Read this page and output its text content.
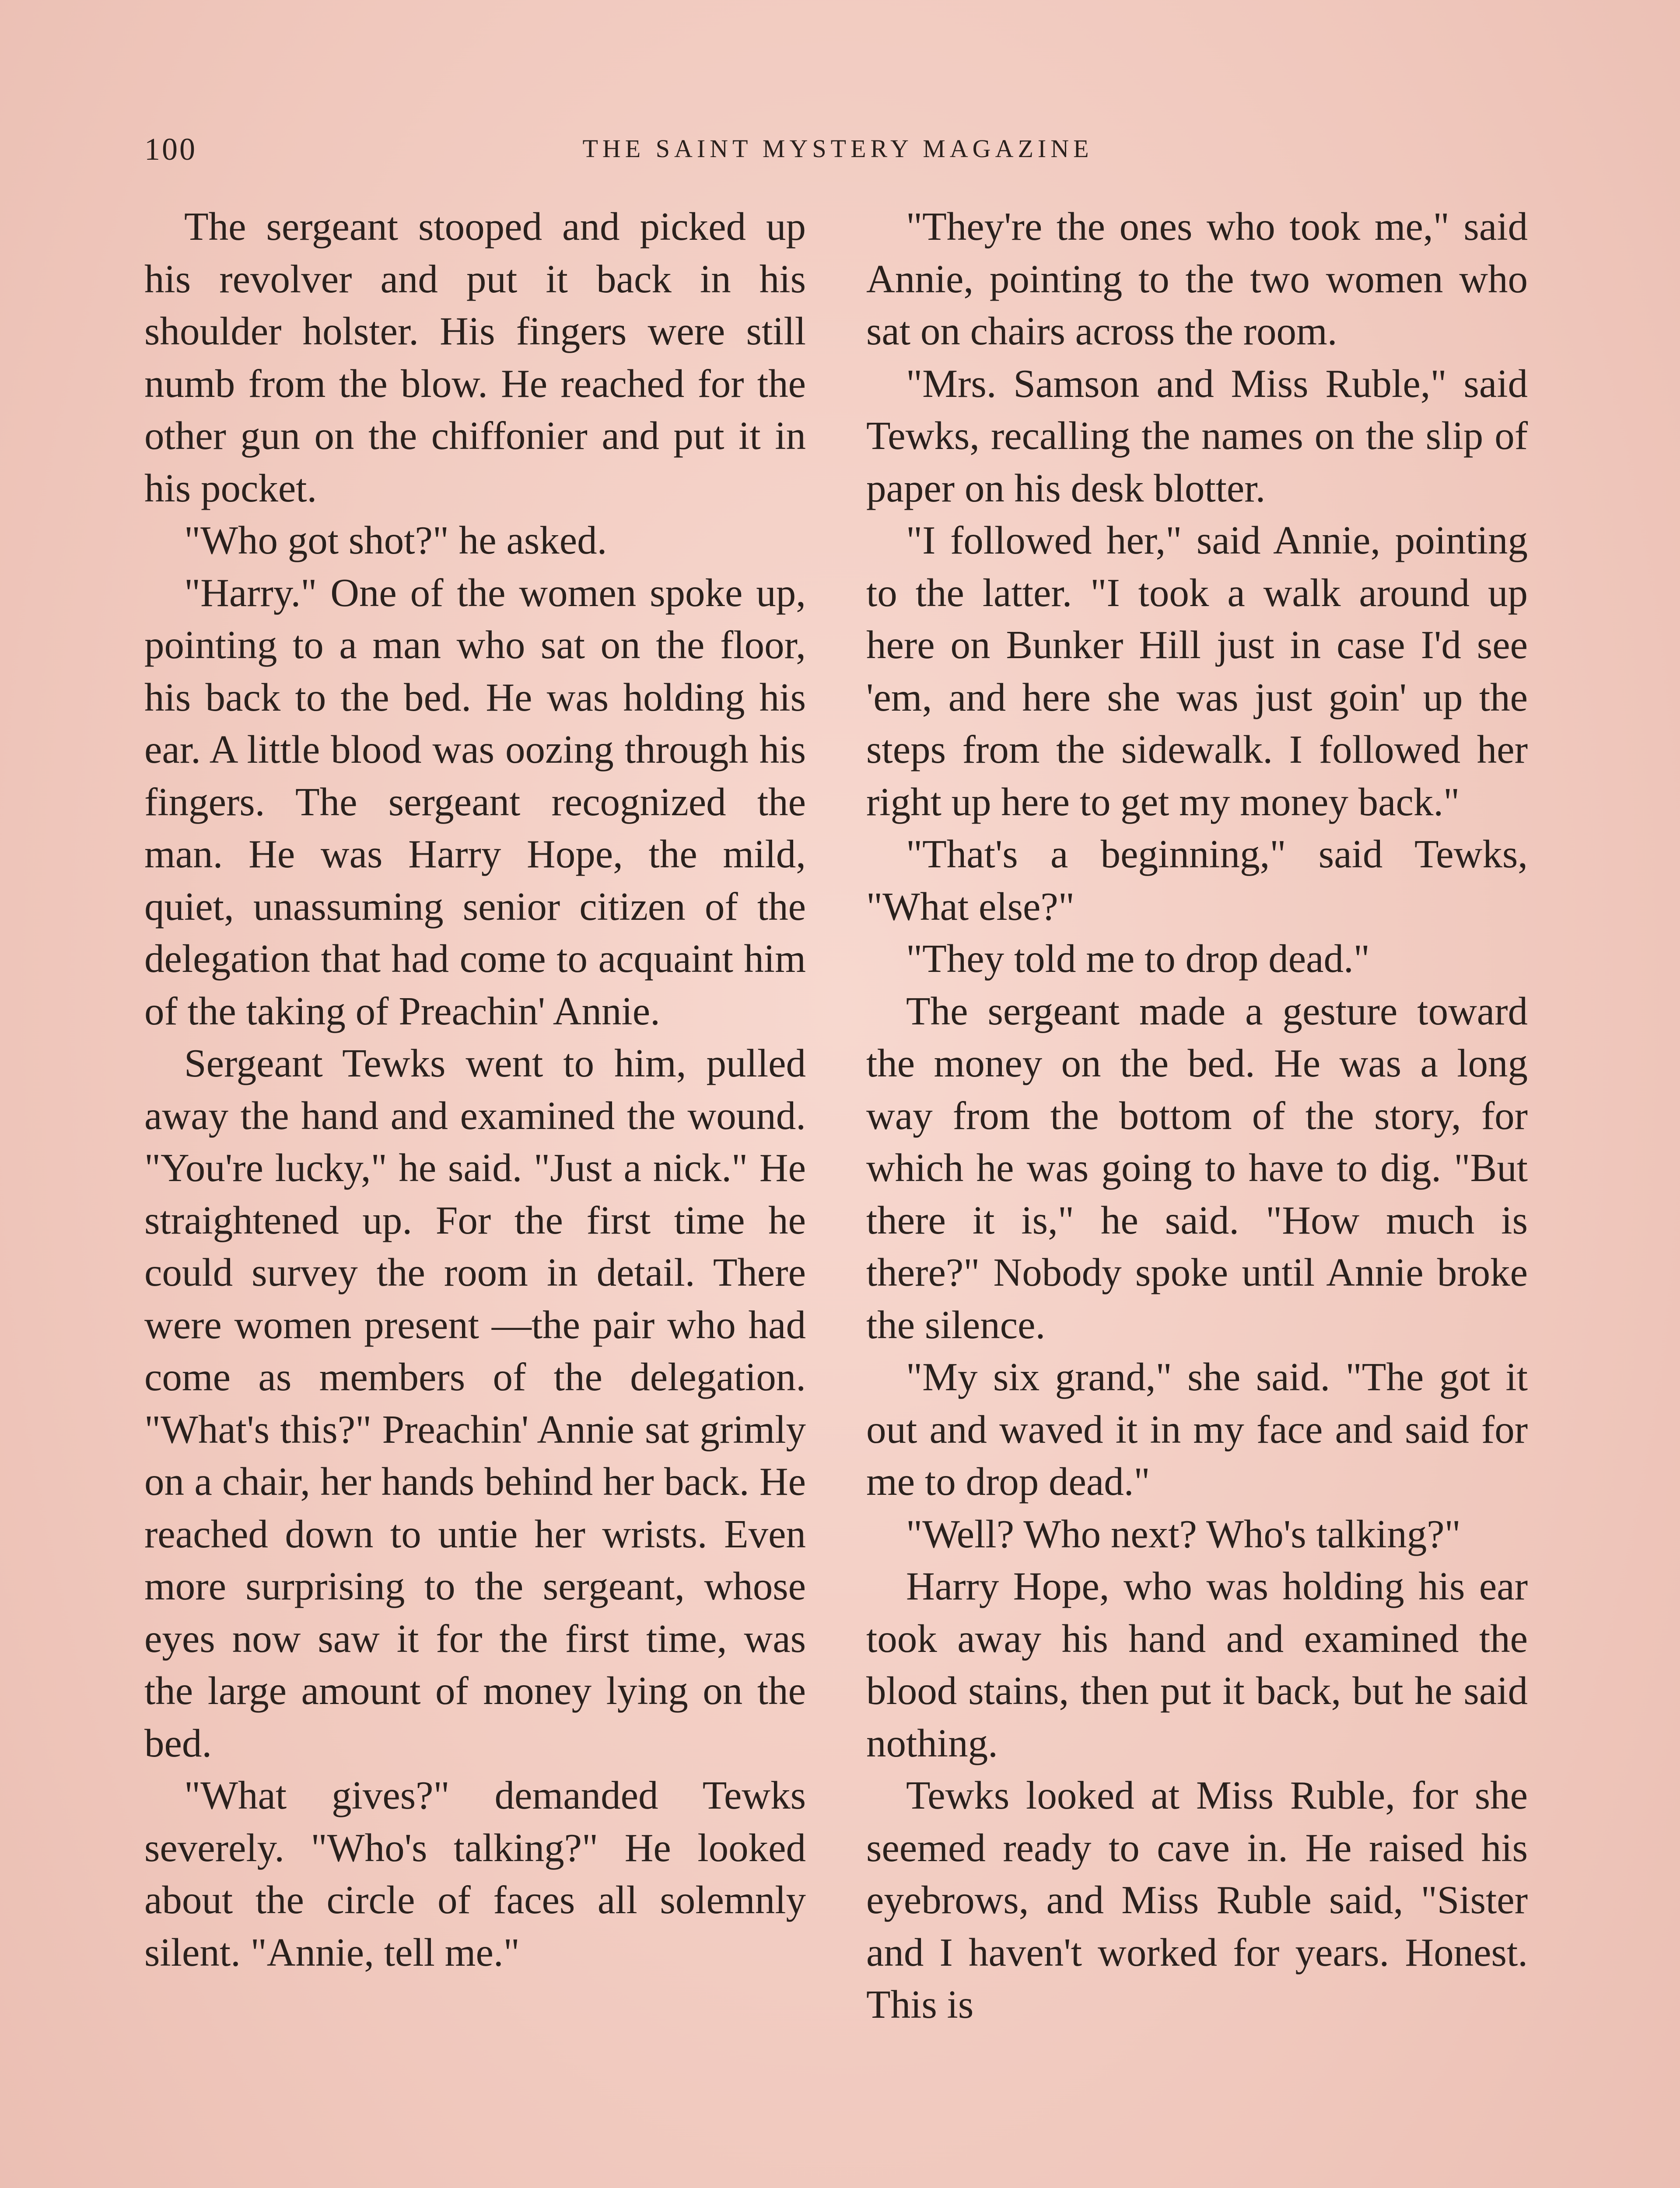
100	THE SAINT MYSTERY MAGAZINE

The sergeant stooped and picked up his revolver and put it back in his shoulder holster. His fingers were still numb from the blow. He reached for the other gun on the chiffonier and put it in his pocket.

"Who got shot?" he asked.

"Harry." One of the women spoke up, pointing to a man who sat on the floor, his back to the bed. He was holding his ear. A little blood was oozing through his fingers. The sergeant recognized the man. He was Harry Hope, the mild, quiet, unassuming senior citizen of the delegation that had come to acquaint him of the taking of Preachin' Annie.

Sergeant Tewks went to him, pulled away the hand and examined the wound. "You're lucky," he said. "Just a nick." He straightened up. For the first time he could survey the room in detail. There were women present —the pair who had come as members of the delegation. "What's this?" Preachin' Annie sat grimly on a chair, her hands behind her back. He reached down to untie her wrists. Even more surprising to the sergeant, whose eyes now saw it for the first time, was the large amount of money lying on the bed.

"What gives?" demanded Tewks severely. "Who's talking?" He looked about the circle of faces all solemnly silent. "Annie, tell me."

"They're the ones who took me," said Annie, pointing to the two women who sat on chairs across the room.

"Mrs. Samson and Miss Ruble," said Tewks, recalling the names on the slip of paper on his desk blotter.

"I followed her," said Annie, pointing to the latter. "I took a walk around up here on Bunker Hill just in case I'd see 'em, and here she was just goin' up the steps from the sidewalk. I followed her right up here to get my money back."

"That's a beginning," said Tewks, "What else?"

"They told me to drop dead."

The sergeant made a gesture toward the money on the bed. He was a long way from the bottom of the story, for which he was going to have to dig. "But there it is," he said. "How much is there?" Nobody spoke until Annie broke the silence.

"My six grand," she said. "The got it out and waved it in my face and said for me to drop dead."

"Well? Who next? Who's talking?"

Harry Hope, who was holding his ear took away his hand and examined the blood stains, then put it back, but he said nothing.

Tewks looked at Miss Ruble, for she seemed ready to cave in. He raised his eyebrows, and Miss Ruble said, "Sister and I haven't worked for years. Honest. This is
